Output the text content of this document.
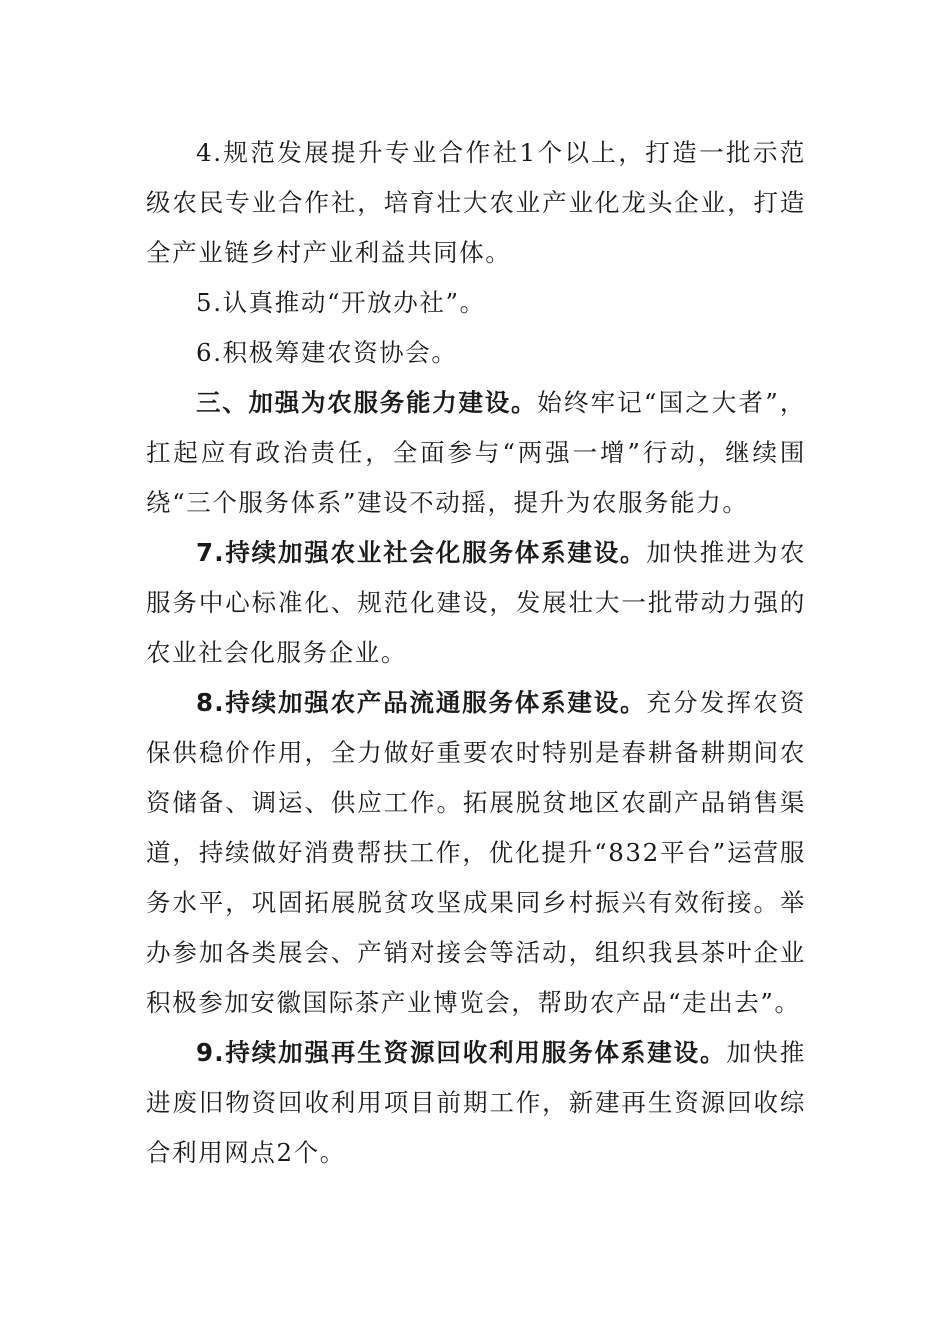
4.规范发展提升专业合作社1个以上，打造一批示范级农民专业合作社，培育壮大农业产业化龙头企业，打造全产业链乡村产业利益共同体。

5.认真推动“开放办社”。

6.积极筹建农资协会。

三、加强为农服务能力建设。始终牢记“国之大者”，扛起应有政治责任，全面参与“两强一增”行动，继续围绕“三个服务体系”建设不动摇，提升为农服务能力。

7.持续加强农业社会化服务体系建设。加快推进为农服务中心标准化、规范化建设，发展壮大一批带动力强的农业社会化服务企业。

8.持续加强农产品流通服务体系建设。充分发挥农资保供稳价作用，全力做好重要农时特别是春耕备耕期间农资储备、调运、供应工作。拓展脱贫地区农副产品销售渠道，持续做好消费帮扶工作，优化提升“832平台”运营服务水平，巩固拓展脱贫攻坚成果同乡村振兴有效衔接。举办参加各类展会、产销对接会等活动，组织我县茶叶企业积极参加安徽国际茶产业博览会，帮助农产品“走出去”。

9.持续加强再生资源回收利用服务体系建设。加快推进废旧物资回收利用项目前期工作，新建再生资源回收综合利用网点2个。
